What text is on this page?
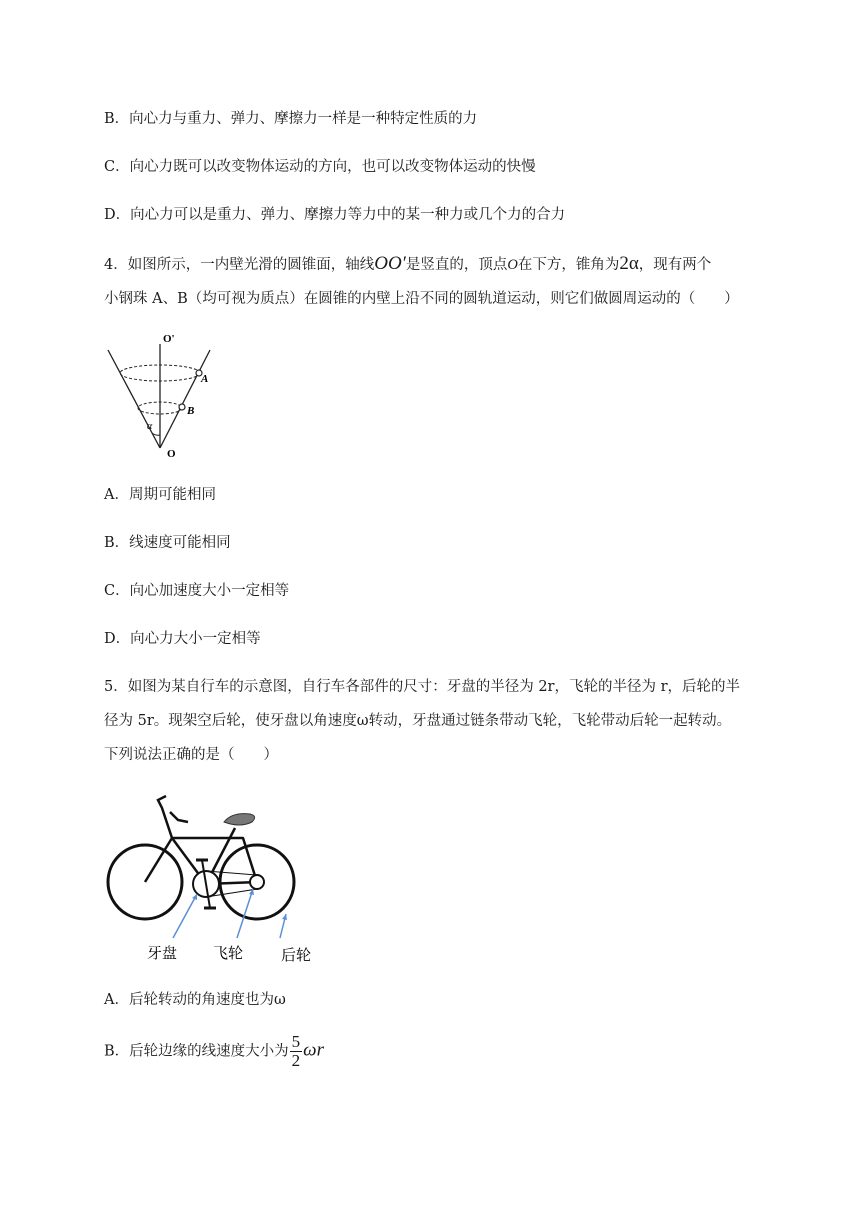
B．向心力与重力、弹力、摩擦力一样是一种特定性质的力
C．向心力既可以改变物体运动的方向，也可以改变物体运动的快慢
D．向心力可以是重力、弹力、摩擦力等力中的某一种力或几个力的合力
4．如图所示，一内壁光滑的圆锥面，轴线OO′是竖直的，顶点O在下方，锥角为2α，现有两个
小钢珠 A、B（均可视为质点）在圆锥的内壁上沿不同的圆轨道运动，则它们做圆周运动的（　　）
O'
O
A
B
α
A．周期可能相同
B．线速度可能相同
C．向心加速度大小一定相等
D．向心力大小一定相等
5．如图为某自行车的示意图，自行车各部件的尺寸：牙盘的半径为 2r，飞轮的半径为 r，后轮的半
径为 5r。现架空后轮，使牙盘以角速度ω转动，牙盘通过链条带动飞轮，飞轮带动后轮一起转动。
下列说法正确的是（　　）
牙盘 飞轮	后轮
A．后轮转动的角速度也为ω
B．后轮边缘的线速度大小为 $\frac{5}{2}$ ωr
